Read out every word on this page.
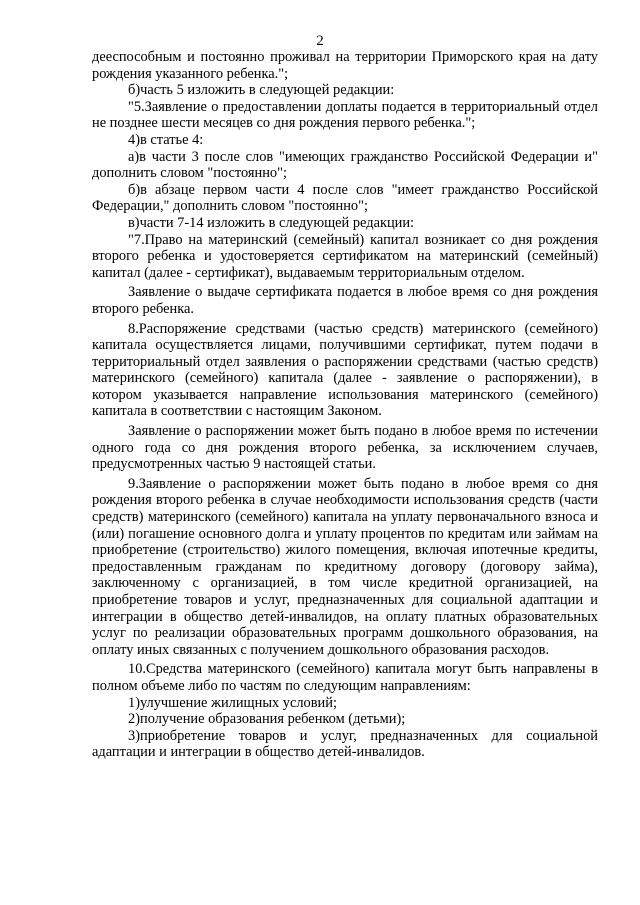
2

дееспособным и постоянно проживал на территории Приморского края на дату рождения указанного ребенка.";

б)часть 5 изложить в следующей редакции:

"5.Заявление о предоставлении доплаты подается в территориальный отдел не позднее шести месяцев со дня рождения первого ребенка.";

4)в статье 4:

а)в части 3 после слов "имеющих гражданство Российской Федерации и" дополнить словом "постоянно";

б)в абзаце первом части 4 после слов "имеет гражданство Российской Федерации," дополнить словом "постоянно";

в)части 7-14 изложить в следующей редакции:

"7.Право на материнский (семейный) капитал возникает со дня рождения второго ребенка и удостоверяется сертификатом на материнский (семейный) капитал (далее - сертификат), выдаваемым территориальным отделом.

Заявление о выдаче сертификата подается в любое время со дня рождения второго ребенка.

8.Распоряжение средствами (частью средств) материнского (семейного) капитала осуществляется лицами, получившими сертификат, путем подачи в территориальный отдел заявления о распоряжении средствами (частью средств) материнского (семейного) капитала (далее - заявление о распоряжении), в котором указывается направление использования материнского (семейного) капитала в соответствии с настоящим Законом.

Заявление о распоряжении может быть подано в любое время по истечении одного года со дня рождения второго ребенка, за исключением случаев, предусмотренных частью 9 настоящей статьи.

9.Заявление о распоряжении может быть подано в любое время со дня рождения второго ребенка в случае необходимости использования средств (части средств) материнского (семейного) капитала на уплату первоначального взноса и (или) погашение основного долга и уплату процентов по кредитам или займам на приобретение (строительство) жилого помещения, включая ипотечные кредиты, предоставленным гражданам по кредитному договору (договору займа), заключенному с организацией, в том числе кредитной организацией, на приобретение товаров и услуг, предназначенных для социальной адаптации и интеграции в общество детей-инвалидов, на оплату платных образовательных услуг по реализации образовательных программ дошкольного образования, на оплату иных связанных с получением дошкольного образования расходов.

10.Средства материнского (семейного) капитала могут быть направлены в полном объеме либо по частям по следующим направлениям:

1)улучшение жилищных условий;

2)получение образования ребенком (детьми);

3)приобретение товаров и услуг, предназначенных для социальной адаптации и интеграции в общество детей-инвалидов.
